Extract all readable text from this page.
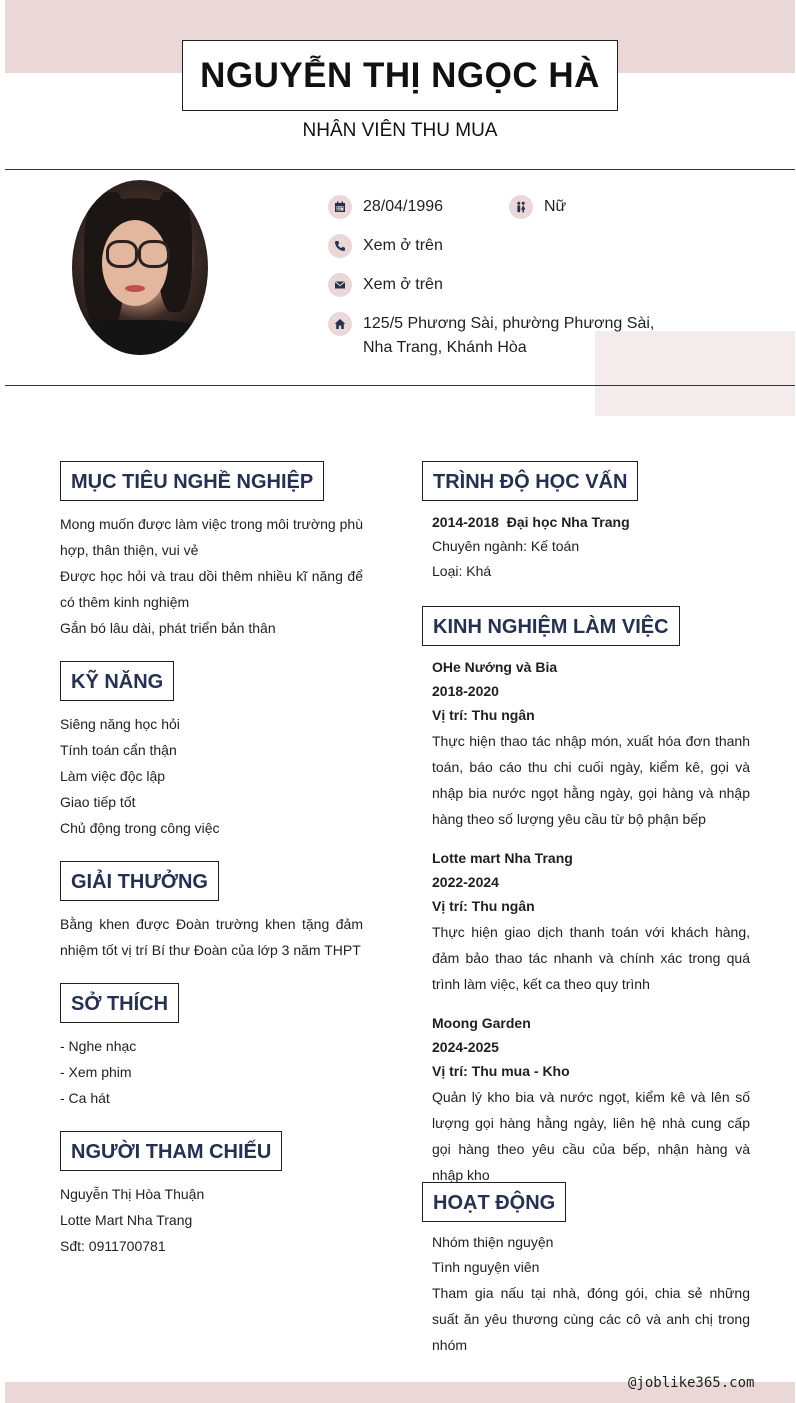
NGUYỄN THỊ NGỌC HÀ
NHÂN VIÊN THU MUA
28/04/1996	Nữ
Xem ở trên
Xem ở trên
125/5 Phương Sài, phường Phương Sài, Nha Trang, Khánh Hòa
MỤC TIÊU NGHỀ NGHIỆP

Mong muốn được làm việc trong môi trường phù hợp, thân thiện, vui vẻ

Được học hỏi và trau dồi thêm nhiều kĩ năng để có thêm kinh nghiệm

Gắn bó lâu dài, phát triển bản thân

KỸ NĂNG

Siêng năng học hỏi

Tính toán cẩn thận

Làm việc độc lập

Giao tiếp tốt

Chủ động trong công việc

GIẢI THƯỞNG

Bằng khen được Đoàn trường khen tặng đảm nhiệm tốt vị trí Bí thư Đoàn của lớp 3 năm THPT

SỞ THÍCH

- Nghe nhạc

- Xem phim

- Ca hát

NGƯỜI THAM CHIẾU

Nguyễn Thị Hòa Thuận

Lotte Mart Nha Trang

Sđt: 0911700781

TRÌNH ĐỘ HỌC VẤN

2014-2018 Đại học Nha Trang

Chuyên ngành: Kế toán

Loại: Khá

KINH NGHIỆM LÀM VIỆC

OHe Nướng và Bia

2018-2020

Vị trí: Thu ngân

Thực hiện thao tác nhập món, xuất hóa đơn thanh toán, báo cáo thu chi cuối ngày, kiểm kê, gọi và nhập bia nước ngọt hằng ngày, gọi hàng và nhập hàng theo số lượng yêu cầu từ bộ phận bếp

Lotte mart Nha Trang

2022-2024

Vị trí: Thu ngân

Thực hiện giao dịch thanh toán với khách hàng, đảm bảo thao tác nhanh và chính xác trong quá trình làm việc, kết ca theo quy trình

Moong Garden

2024-2025

Vị trí: Thu mua - Kho

Quản lý kho bia và nước ngọt, kiểm kê và lên số lượng gọi hàng hằng ngày, liên hệ nhà cung cấp gọi hàng theo yêu cầu của bếp, nhận hàng và nhập kho

HOẠT ĐỘNG

Nhóm thiện nguyện

Tình nguyện viên

Tham gia nấu tại nhà, đóng gói, chia sẻ những suất ăn yêu thương cùng các cô và anh chị trong nhóm

@joblike365.com
